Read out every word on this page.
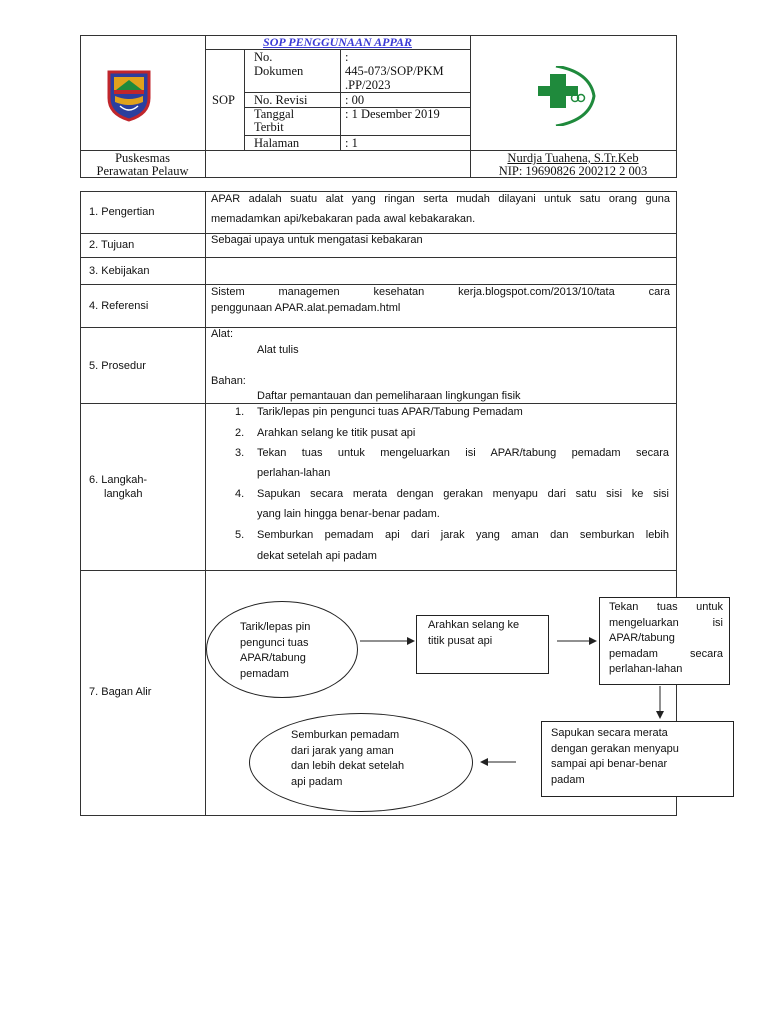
SOP PENGGUNAAN APPAR
SOP
No.
Dokumen
No. Revisi
Tanggal
Terbit
Halaman
:
445-073/SOP/PKM
.PP/2023
: 00
: 1 Desember 2019
: 1
Puskesmas
Perawatan Pelauw
Nurdja Tuahena, S.Tr.Keb
NIP: 19690826 200212 2 003
1. Pengertian
APAR adalah suatu alat yang ringan serta mudah dilayani untuk satu orang guna
memadamkan api/kebakaran pada awal kebakarakan.
2. Tujuan	Sebagai upaya untuk mengatasi kebakaran
3. Kebijakan
4. Referensi
Sistem managemen kesehatan kerja.blogspot.com/2013/10/tata cara
penggunaan APAR.alat.pemadam.html
5. Prosedur
Alat:
Alat tulis
Bahan:
Daftar pemantauan dan pemeliharaan lingkungan fisik
6. Langkah-
langkah
1. Tarik/lepas pin pengunci tuas APAR/Tabung Pemadam
2. Arahkan selang ke titik pusat api
3. Tekan tuas untuk mengeluarkan isi APAR/tabung pemadam secara
perlahan-lahan
4. Sapukan secara merata dengan gerakan menyapu dari satu sisi ke sisi
yang lain hingga benar-benar padam.
5. Semburkan pemadam api dari jarak yang aman dan semburkan lebih
dekat setelah api padam
7. Bagan Alir
Tarik/lepas pin
pengunci tuas
APAR/tabung
pemadam
Arahkan selang ke
titik pusat api
Tekan tuas untuk
mengeluarkan isi
APAR/tabung
pemadam secara
perlahan-lahan
Sapukan secara merata
dengan gerakan menyapu
sampai api benar-benar
padam
Semburkan pemadam
dari jarak yang aman
dan lebih dekat setelah
api padam
